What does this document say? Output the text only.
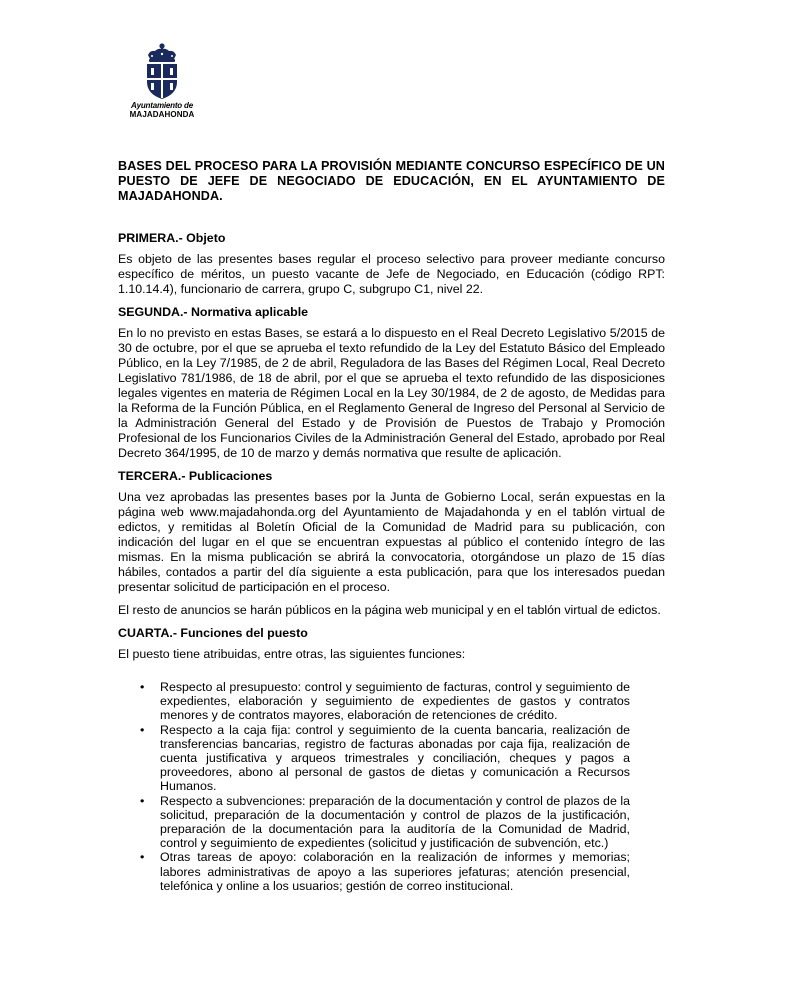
Ayuntamiento de
MAJADAHONDA
BASES DEL PROCESO PARA LA PROVISIÓN MEDIANTE CONCURSO ESPECÍFICO DE UN PUESTO DE JEFE DE NEGOCIADO DE EDUCACIÓN, EN EL AYUNTAMIENTO DE MAJADAHONDA.
PRIMERA.- Objeto
Es objeto de las presentes bases regular el proceso selectivo para proveer mediante concurso específico de méritos, un puesto vacante de Jefe de Negociado, en Educación (código RPT: 1.10.14.4), funcionario de carrera, grupo C, subgrupo C1, nivel 22.
SEGUNDA.- Normativa aplicable
En lo no previsto en estas Bases, se estará a lo dispuesto en el Real Decreto Legislativo 5/2015 de 30 de octubre, por el que se aprueba el texto refundido de la Ley del Estatuto Básico del Empleado Público, en la Ley 7/1985, de 2 de abril, Reguladora de las Bases del Régimen Local, Real Decreto Legislativo 781/1986, de 18 de abril, por el que se aprueba el texto refundido de las disposiciones legales vigentes en materia de Régimen Local en la Ley 30/1984, de 2 de agosto, de Medidas para la Reforma de la Función Pública, en el Reglamento General de Ingreso del Personal al Servicio de la Administración General del Estado y de Provisión de Puestos de Trabajo y Promoción Profesional de los Funcionarios Civiles de la Administración General del Estado, aprobado por Real Decreto 364/1995, de 10 de marzo y demás normativa que resulte de aplicación.
TERCERA.- Publicaciones
Una vez aprobadas las presentes bases por la Junta de Gobierno Local, serán expuestas en la página web www.majadahonda.org del Ayuntamiento de Majadahonda y en el tablón virtual de edictos, y remitidas al Boletín Oficial de la Comunidad de Madrid para su publicación, con indicación del lugar en el que se encuentran expuestas al público el contenido íntegro de las mismas. En la misma publicación se abrirá la convocatoria, otorgándose un plazo de 15 días hábiles, contados a partir del día siguiente a esta publicación, para que los interesados puedan presentar solicitud de participación en el proceso.
El resto de anuncios se harán públicos en la página web municipal y en el tablón virtual de edictos.
CUARTA.- Funciones del puesto
El puesto tiene atribuidas, entre otras, las siguientes funciones:
• Respecto al presupuesto: control y seguimiento de facturas, control y seguimiento de expedientes, elaboración y seguimiento de expedientes de gastos y contratos menores y de contratos mayores, elaboración de retenciones de crédito.
• Respecto a la caja fija: control y seguimiento de la cuenta bancaria, realización de transferencias bancarias, registro de facturas abonadas por caja fija, realización de cuenta justificativa y arqueos trimestrales y conciliación, cheques y pagos a proveedores, abono al personal de gastos de dietas y comunicación a Recursos Humanos.
• Respecto a subvenciones: preparación de la documentación y control de plazos de la solicitud, preparación de la documentación y control de plazos de la justificación, preparación de la documentación para la auditoría de la Comunidad de Madrid, control y seguimiento de expedientes (solicitud y justificación de subvención, etc.)
• Otras tareas de apoyo: colaboración en la realización de informes y memorias; labores administrativas de apoyo a las superiores jefaturas; atención presencial, telefónica y online a los usuarios; gestión de correo institucional.
